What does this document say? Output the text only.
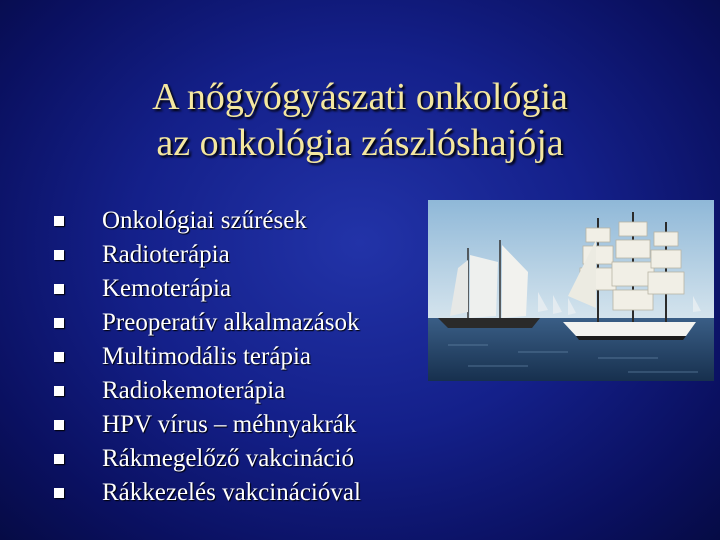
A nőgyógyászati onkológia
az onkológia zászlóshajója
Onkológiai szűrések
Radioterápia
Kemoterápia
Preoperatív alkalmazások
Multimodális terápia
Radiokemoterápia
HPV vírus – méhnyakrák
Rákmegelőző vakcináció
Rákkezelés vakcinációval
